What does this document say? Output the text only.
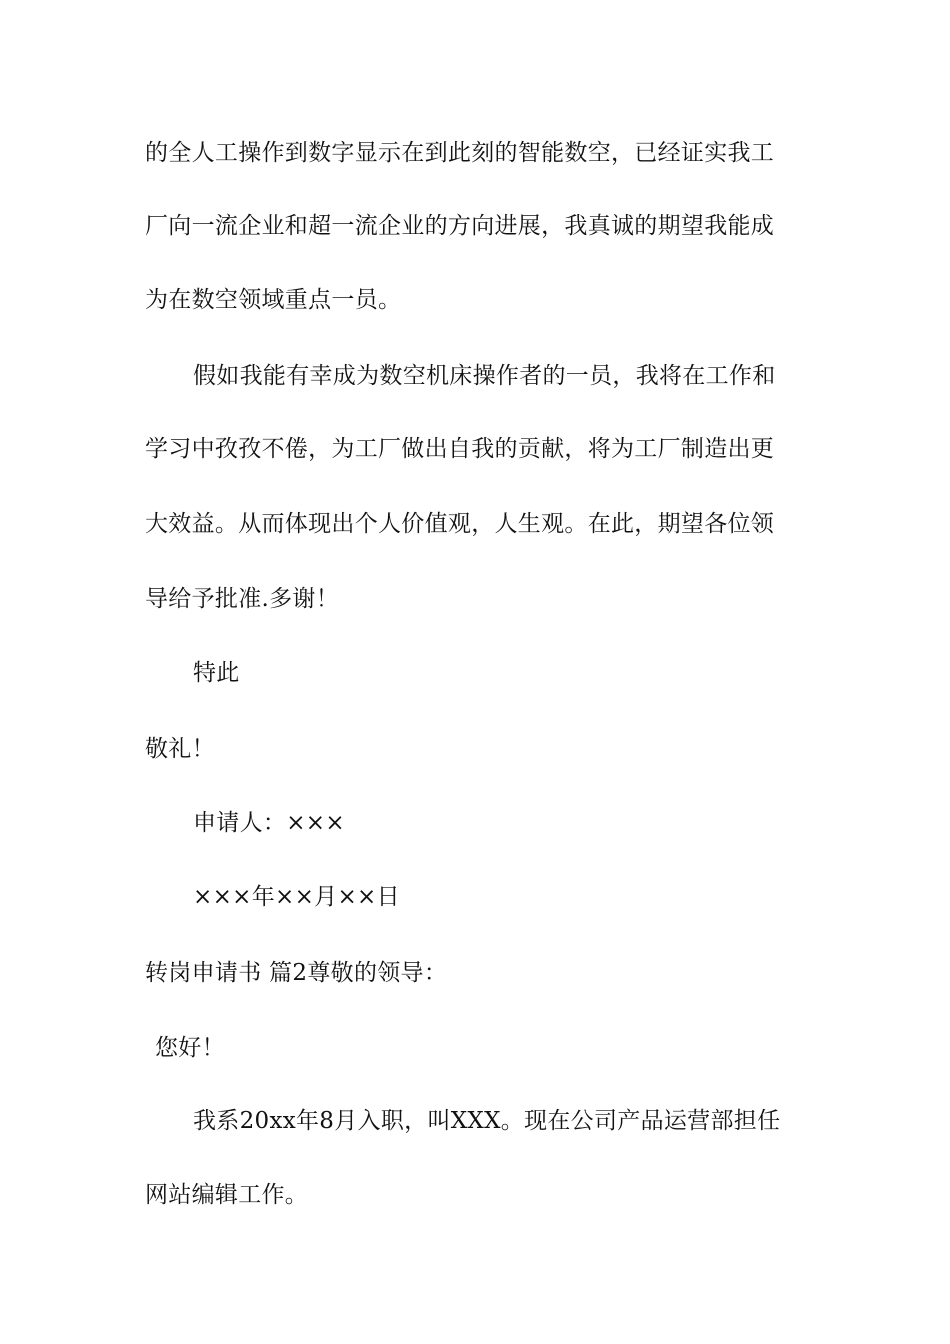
的全人工操作到数字显示在到此刻的智能数空，已经证实我工
厂向一流企业和超一流企业的方向进展，我真诚的期望我能成
为在数空领域重点一员。
假如我能有幸成为数空机床操作者的一员，我将在工作和
学习中孜孜不倦，为工厂做出自我的贡献，将为工厂制造出更
大效益。从而体现出个人价值观，人生观。在此，期望各位领
导给予批准.多谢！
特此
敬礼！
申请人：×××
×××年××月××日
转岗申请书 篇2尊敬的领导：
您好！
我系20xx年8月入职，叫XXX。现在公司产品运营部担任
网站编辑工作。
